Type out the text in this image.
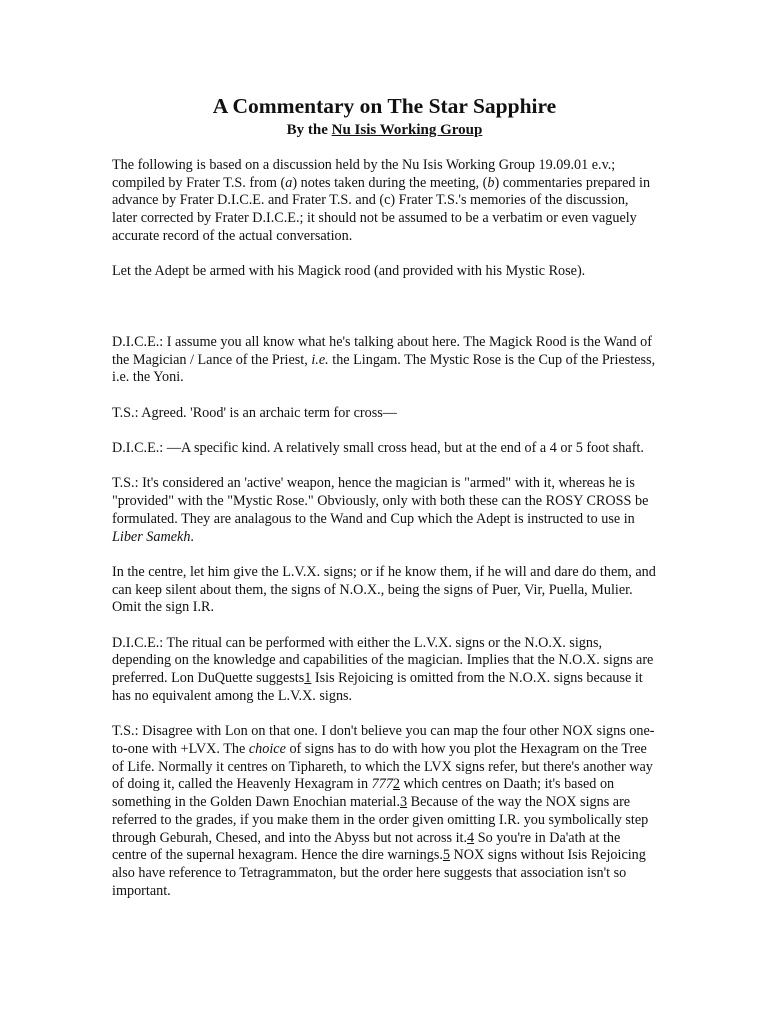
A Commentary on The Star Sapphire
By the Nu Isis Working Group

The following is based on a discussion held by the Nu Isis Working Group 19.09.01 e.v.; compiled by Frater T.S. from (a) notes taken during the meeting, (b) commentaries prepared in advance by Frater D.I.C.E. and Frater T.S. and (c) Frater T.S.'s memories of the discussion, later corrected by Frater D.I.C.E.; it should not be assumed to be a verbatim or even vaguely accurate record of the actual conversation.

Let the Adept be armed with his Magick rood (and provided with his Mystic Rose).

D.I.C.E.: I assume you all know what he's talking about here. The Magick Rood is the Wand of the Magician / Lance of the Priest, i.e. the Lingam. The Mystic Rose is the Cup of the Priestess, i.e. the Yoni.

T.S.: Agreed. 'Rood' is an archaic term for cross—

D.I.C.E.: —A specific kind. A relatively small cross head, but at the end of a 4 or 5 foot shaft.

T.S.: It's considered an 'active' weapon, hence the magician is "armed" with it, whereas he is "provided" with the "Mystic Rose." Obviously, only with both these can the ROSY CROSS be formulated. They are analagous to the Wand and Cup which the Adept is instructed to use in Liber Samekh.

In the centre, let him give the L.V.X. signs; or if he know them, if he will and dare do them, and can keep silent about them, the signs of N.O.X., being the signs of Puer, Vir, Puella, Mulier. Omit the sign I.R.

D.I.C.E.: The ritual can be performed with either the L.V.X. signs or the N.O.X. signs, depending on the knowledge and capabilities of the magician. Implies that the N.O.X. signs are preferred. Lon DuQuette suggests1 Isis Rejoicing is omitted from the N.O.X. signs because it has no equivalent among the L.V.X. signs.

T.S.: Disagree with Lon on that one. I don't believe you can map the four other NOX signs one-to-one with +LVX. The choice of signs has to do with how you plot the Hexagram on the Tree of Life. Normally it centres on Tiphareth, to which the LVX signs refer, but there's another way of doing it, called the Heavenly Hexagram in 7772 which centres on Daath; it's based on something in the Golden Dawn Enochian material.3 Because of the way the NOX signs are referred to the grades, if you make them in the order given omitting I.R. you symbolically step through Geburah, Chesed, and into the Abyss but not across it.4 So you're in Da'ath at the centre of the supernal hexagram. Hence the dire warnings.5 NOX signs without Isis Rejoicing also have reference to Tetragrammaton, but the order here suggests that association isn't so important.
